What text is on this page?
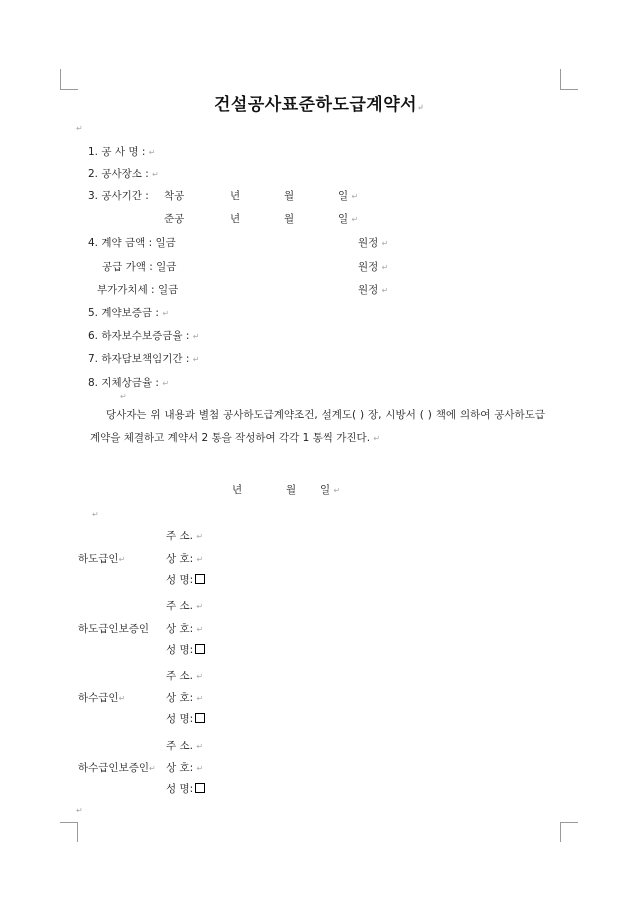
건설공사표준하도급계약서↵
↵
1. 공 사 명 : ↵
2. 공사장소 : ↵
3. 공사기간 : 착공	년	월	일 ↵
준공	년	월	일 ↵
4. 계약 금액 : 일금	원정 ↵
공급 가액 : 일금	원정 ↵
부가가치세 : 일금	원정 ↵
5. 계약보증금 : ↵
6. 하자보수보증금율 : ↵
7. 하자담보책임기간 : ↵
8. 지체상금율 : ↵
↵
당사자는 위 내용과 별첨 공사하도급계약조건, 설계도( ) 장, 시방서 ( ) 책에 의하여 공사하도급계약을 체결하고 계약서 2 통을 작성하여 각각 1 통씩 가진다. ↵
년	월 일 ↵
↵
주 소. ↵
하도급인↵	상 호: ↵
성 명:
주 소. ↵
하도급인보증인 상 호: ↵
성 명:
주 소. ↵
하수급인↵	상 호: ↵
성 명:
주 소. ↵
하수급인보증인↵ 상 호: ↵
성 명:
↵
